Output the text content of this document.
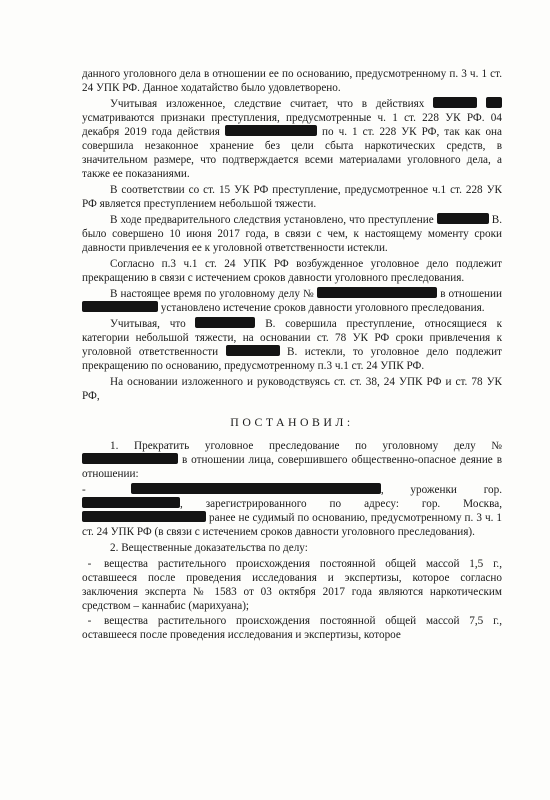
данного уголовного дела в отношении ее по основанию, предусмотренному п. 3 ч. 1 ст. 24 УПК РФ. Данное ходатайство было удовлетворено.

Учитывая изложенное, следствие считает, что в действиях   усматриваются признаки преступления, предусмотренные ч. 1 ст. 228 УК РФ. 04 декабря 2019 года действия	по ч. 1 ст. 228 УК РФ, так как она совершила незаконное хранение без цели сбыта наркотических средств, в значительном размере, что подтверждается всеми материалами уголовного дела, а также ее показаниями.

В соответствии со ст. 15 УК РФ преступление, предусмотренное ч.1 ст. 228 УК РФ является преступлением небольшой тяжести.

В ходе предварительного следствия установлено, что преступление	В. было совершено 10 июня 2017 года, в связи с чем, к настоящему моменту сроки давности привлечения ее к уголовной ответственности истекли.

Согласно п.3 ч.1 ст. 24 УПК РФ возбужденное уголовное дело подлежит прекращению в связи с истечением сроков давности уголовного преследования.

В настоящее время по уголовному делу №	в отношении  установлено истечение сроков давности уголовного преследования.

Учитывая, что	В. совершила преступление, относящиеся к категории небольшой тяжести, на основании ст. 78 УК РФ сроки привлечения к уголовной ответственности	В. истекли, то уголовное дело подлежит прекращению по основанию, предусмотренному п.3 ч.1 ст. 24 УПК РФ.

На основании изложенного и руководствуясь ст. ст. 38, 24 УПК РФ и ст. 78 УК РФ,

ПОСТАНОВИЛ:

1. Прекратить уголовное преследование по уголовному делу №  в отношении лица, совершившего общественно-опасное деяние в отношении:

-	, уроженки гор. , зарегистрированного по адресу: гор. Москва,  ранее не судимый по основанию, предусмотренному п. 3 ч. 1 ст. 24 УПК РФ (в связи с истечением сроков давности уголовного преследования).

2. Вещественные доказательства по делу:

- вещества растительного происхождения постоянной общей массой 1,5 г., оставшееся после проведения исследования и экспертизы, которое согласно заключения эксперта № 1583 от 03 октября 2017 года являются наркотическим средством – каннабис (марихуана);

- вещества растительного происхождения постоянной общей массой 7,5 г., оставшееся после проведения исследования и экспертизы, которое
